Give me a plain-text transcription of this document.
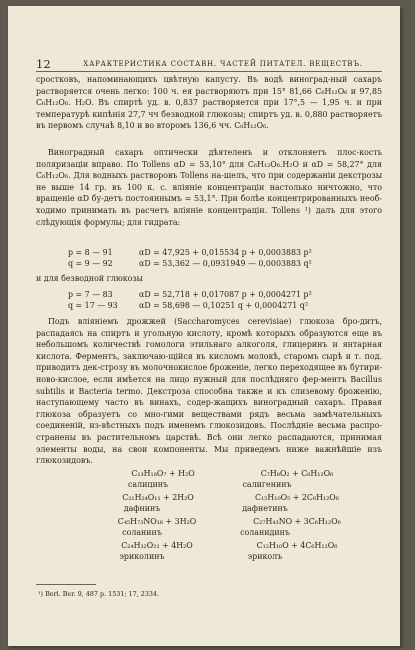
12	ХАРАКТЕРИСТИКА СОСТАВН. ЧАСТЕЙ ПИТАТЕЛ. ВЕЩЕСТВЪ.
сростковъ, напоминающихъ цвѣтную капусту. Въ водѣ виноград-ный сахаръ растворяется очень легко: 100 ч. ея растворяютъ при 15° 81,66 C₆H₁₂O₆ и 97,85 C₆H₁₂O₆. H₂O. Въ спиртѣ уд. в. 0,837 растворяется при 17°,5 — 1,95 ч. и при температурѣ кипѣнія 27,7 чч безводной глюкозы; спиртъ уд. в. 0,880 растворяетъ въ первомъ случаѣ 8,10 и во второмъ 136,6 чч. C₆H₁₂O₆.
Виноградный сахаръ оптически дѣятеленъ и отклоняетъ плос-кость поляризаціи вправо. По Tollens αD = 53,10° для C₆H₁₂O₆.H₂O и αD = 58,27° для C₆H₁₂O₆. Для водныхъ растворовъ Tollens на-шелъ, что при содержаніи декстрозы не выше 14 гр. въ 100 к. с. вліяніе концентраціи настолько ничтожно, что вращеніе αD бу-детъ постояннымъ = 53,1°. При болѣе концентрированныхъ необ-ходимо принимать въ расчетъ вліяніе концентраціи. Tollens ¹) далъ для этого слѣдующія формулы; для гидрата:
p = 8 — 91	αD = 47,925 + 0,015534 p + 0,0003883 p²
q = 9 — 92	αD = 53,362 — 0,0931949 — 0,0003883 q²
и для безводной глюкозы
p = 7 — 83	αD = 52,718 + 0,017087 p + 0,0004271 p²
q = 17 — 93	αD = 58,698 — 0,10251 q + 0,0004271 q²
Подъ вліяніемъ дрожжей (Saccharomyces cerevisiae) глюкоза бро-дитъ, распадаясь на спиртъ и угольную кислоту, кромѣ которыхъ образуются еще въ небольшомъ количествѣ гомологи этильнаго алкоголя, глицеринъ и янтарная кислота. Ферментъ, заключаю-щійся въ кисломъ молокѣ, старомъ сырѣ и т. под. приводитъ дек-строзу въ молочнокислое броженіе, легко переходящее въ бутири-ново-кислое, если имѣется на лицо нужный для послѣдняго фер-ментъ Bacillus subtilis и Bacteria termo. Декстроза способна также и къ слизевому броженію, наступающему часто въ винахъ, содер-жащихъ виноградный сахаръ. Правая глюкоза образуетъ со мно-гими веществами рядъ весьма замѣчательныхъ соединеній, из-вѣстныхъ подъ именемъ глюкозидовъ. Послѣдніе весьма распро-странены въ растительномъ царствѣ. Всѣ они легко распадаются, принимая элементы воды, на свои компоненты. Мы приведемъ ниже важнѣйшіе изъ глюкозидовъ.
C₁₃H₁₈O₇ + H₂O	C₇H₈O₂ + C₆H₁₂O₆
салицинъ	салигенинъ
C₂₁H₂₄O₁₁ + 2H₂O	C₁₅H₁₀O₅ + 2C₆H₁₂O₆
дафнинъ	дафнетинъ
C₄₅H₇₃NO₁₆ + 3H₂O	C₂₇H₄₃NO + 3C₆H₁₂O₆
соланинъ	соланидинъ
C₂₄H₃₂O₂₁ + 4H₂O	C₁₂H₁₀O + 4C₆H₁₂O₆
эриколинъ	эриколъ
¹) Berl. Ber. 9, 487 p. 1531; 17, 2334.
